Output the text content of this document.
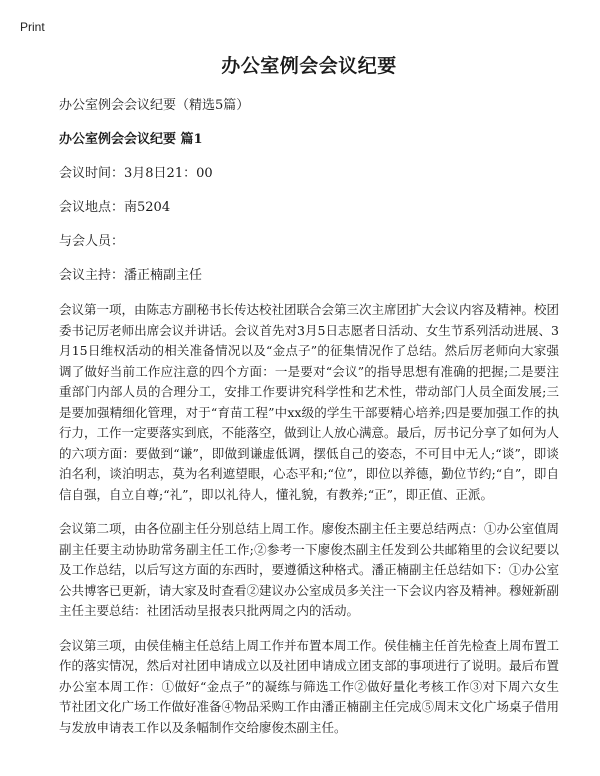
Print
办公室例会会议纪要
办公室例会会议纪要（精选5篇）
办公室例会会议纪要 篇1
会议时间：3月8日21：00
会议地点：南5204
与会人员：
会议主持：潘正楠副主任
会议第一项，由陈志方副秘书长传达校社团联合会第三次主席团扩大会议内容及精神。校团委书记厉老师出席会议并讲话。会议首先对3月5日志愿者日活动、女生节系列活动进展、3月15日维权活动的相关准备情况以及“金点子”的征集情况作了总结。然后厉老师向大家强调了做好当前工作应注意的四个方面：一是要对“会议”的指导思想有准确的把握;二是要注重部门内部人员的合理分工，安排工作要讲究科学性和艺术性，带动部门人员全面发展;三是要加强精细化管理，对于“育苗工程”中xx级的学生干部要精心培养;四是要加强工作的执行力，工作一定要落实到底，不能落空，做到让人放心满意。最后，厉书记分享了如何为人的六项方面：要做到“谦”，即做到谦虚低调，摆低自己的姿态，不可目中无人;“谈”，即谈泊名利，谈泊明志，莫为名利遮望眼，心态平和;“位”，即位以养德，勤位节约;“自”，即自信自强，自立自尊;“礼”，即以礼待人，懂礼貌，有教养;“正”，即正值、正派。
会议第二项，由各位副主任分别总结上周工作。廖俊杰副主任主要总结两点：①办公室值周副主任要主动协助常务副主任工作;②参考一下廖俊杰副主任发到公共邮箱里的会议纪要以及工作总结，以后写这方面的东西时，要遵循这种格式。潘正楠副主任总结如下：①办公室公共博客已更新，请大家及时查看②建议办公室成员多关注一下会议内容及精神。穆娅新副主任主要总结：社团活动呈报表只批两周之内的活动。
会议第三项，由侯佳楠主任总结上周工作并布置本周工作。侯佳楠主任首先检查上周布置工作的落实情况，然后对社团申请成立以及社团申请成立团支部的事项进行了说明。最后布置办公室本周工作：①做好“金点子”的凝练与筛选工作②做好量化考核工作③对下周六女生节社团文化广场工作做好准备④物品采购工作由潘正楠副主任完成⑤周末文化广场桌子借用与发放申请表工作以及条幅制作交给廖俊杰副主任。
